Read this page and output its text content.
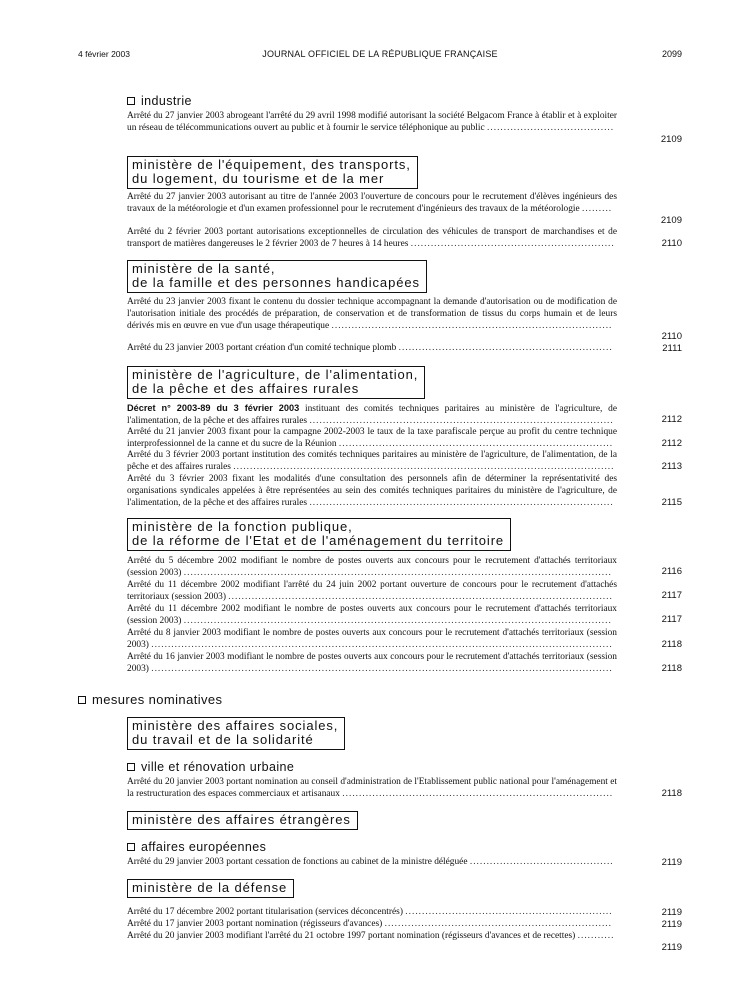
4 février 2003	JOURNAL OFFICIEL DE LA RÉPUBLIQUE FRANÇAISE	2099
industrie
Arrêté du 27 janvier 2003 abrogeant l'arrêté du 29 avril 1998 modifié autorisant la société Belgacom France à établir et à exploiter un réseau de télécommunications ouvert au public et à fournir le service téléphonique au public ......................................
2109
ministère de l'équipement, des transports,
du logement, du tourisme et de la mer
Arrêté du 27 janvier 2003 autorisant au titre de l'année 2003 l'ouverture de concours pour le recrutement d'élèves ingénieurs des travaux de la météorologie et d'un examen professionnel pour le recrutement d'ingénieurs des travaux de la météorologie .........
2109
Arrêté du 2 février 2003 portant autorisations exceptionnelles de circulation des véhicules de transport de marchandises et de transport de matières dangereuses le 2 février 2003 de 7 heures à 14 heures .............................................................	2110
ministère de la santé,
de la famille et des personnes handicapées
Arrêté du 23 janvier 2003 fixant le contenu du dossier technique accompagnant la demande d'autorisation ou de modification de l'autorisation initiale des procédés de préparation, de conservation et de transformation de tissus du corps humain et de leurs dérivés mis en œuvre en vue d'un usage thérapeutique ....................................................................................
2110
Arrêté du 23 janvier 2003 portant création d'un comité technique plomb ................................................................	2111
ministère de l'agriculture, de l'alimentation,
de la pêche et des affaires rurales
Décret n° 2003-89 du 3 février 2003 instituant des comités techniques paritaires au ministère de l'agriculture, de l'alimentation, de la pêche et des affaires rurales ...........................................................................................	2112
Arrêté du 21 janvier 2003 fixant pour la campagne 2002-2003 le taux de la taxe parafiscale perçue au profit du centre technique interprofessionnel de la canne et du sucre de la Réunion ..................................................................................	2112
Arrêté du 3 février 2003 portant institution des comités techniques paritaires au ministère de l'agriculture, de l'alimentation, de la pêche et des affaires rurales ..................................................................................................................	2113
Arrêté du 3 février 2003 fixant les modalités d'une consultation des personnels afin de déterminer la représentativité des organisations syndicales appelées à être représentées au sein des comités techniques paritaires du ministère de l'agriculture, de l'alimentation, de la pêche et des affaires rurales ...........................................................................................	2115
ministère de la fonction publique,
de la réforme de l'Etat et de l'aménagement du territoire
Arrêté du 5 décembre 2002 modifiant le nombre de postes ouverts aux concours pour le recrutement d'attachés territoriaux (session 2003) ................................................................................................................................	2116
Arrêté du 11 décembre 2002 modifiant l'arrêté du 24 juin 2002 portant ouverture de concours pour le recrutement d'attachés territoriaux (session 2003) ...................................................................................................................	2117
Arrêté du 11 décembre 2002 modifiant le nombre de postes ouverts aux concours pour le recrutement d'attachés territoriaux (session 2003) ................................................................................................................................	2117
Arrêté du 8 janvier 2003 modifiant le nombre de postes ouverts aux concours pour le recrutement d'attachés territoriaux (session 2003) ..........................................................................................................................................	2118
Arrêté du 16 janvier 2003 modifiant le nombre de postes ouverts aux concours pour le recrutement d'attachés territoriaux (session 2003) ..........................................................................................................................................	2118
mesures nominatives
ministère des affaires sociales,
du travail et de la solidarité
ville et rénovation urbaine
Arrêté du 20 janvier 2003 portant nomination au conseil d'administration de l'Etablissement public national pour l'aménagement et la restructuration des espaces commerciaux et artisanaux .................................................................................	2118
ministère des affaires étrangères
affaires européennes
Arrêté du 29 janvier 2003 portant cessation de fonctions au cabinet de la ministre déléguée ...........................................	2119
ministère de la défense
Arrêté du 17 décembre 2002 portant titularisation (services déconcentrés) ..............................................................	2119
Arrêté du 17 janvier 2003 portant nomination (régisseurs d'avances) ....................................................................	2119
Arrêté du 20 janvier 2003 modifiant l'arrêté du 21 octobre 1997 portant nomination (régisseurs d'avances et de recettes) ...........
2119
